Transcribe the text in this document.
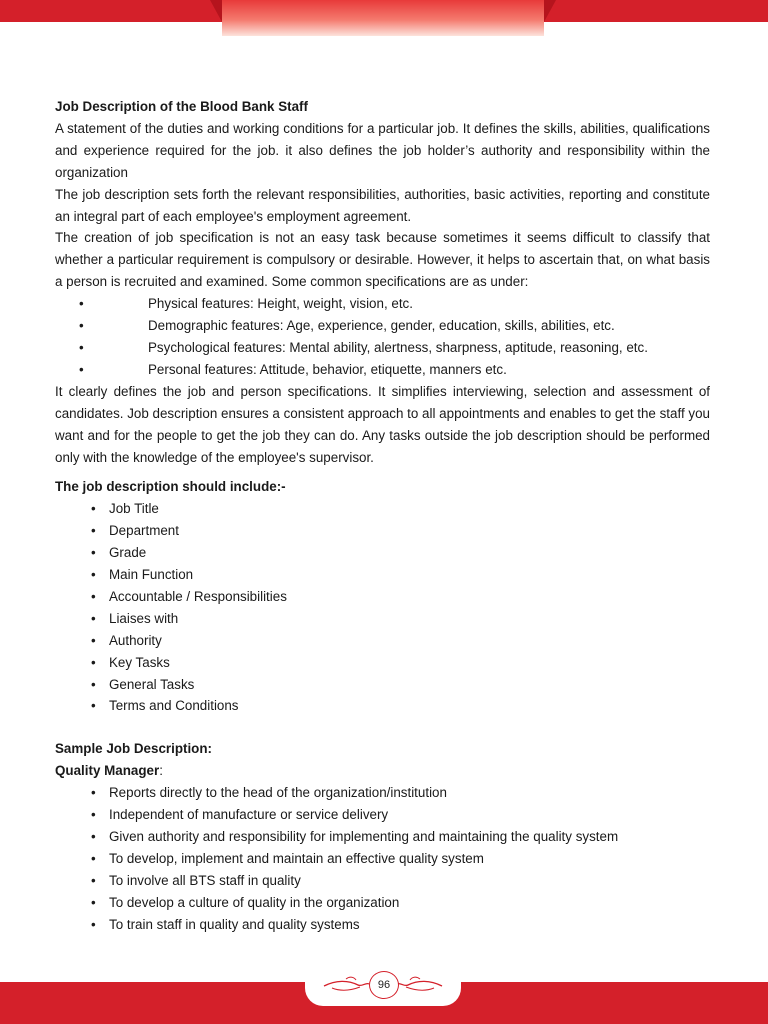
Job Description of the Blood Bank Staff

A statement of the duties and working conditions for a particular job. It defines the skills, abilities, qualifications and experience required for the job. it also defines the job holder’s authority and responsibility within the organization

The job description sets forth the relevant responsibilities, authorities, basic activities, reporting and constitute an integral part of each employee's employment agreement.

The creation of job specification is not an easy task because sometimes it seems difficult to classify that whether a particular requirement is compulsory or desirable. However, it helps to ascertain that, on what basis a person is recruited and examined. Some common specifications are as under:

•	Physical features: Height, weight, vision, etc.
•	Demographic features: Age, experience, gender, education, skills, abilities, etc.
•	Psychological features: Mental ability, alertness, sharpness, aptitude, reasoning, etc.
•	Personal features: Attitude, behavior, etiquette, manners etc.

It clearly defines the job and person specifications. It simplifies interviewing, selection and assessment of candidates. Job description ensures a consistent approach to all appointments and enables to get the staff you want and for the people to get the job they can do. Any tasks outside the job description should be performed only with the knowledge of the employee's supervisor.

The job description should include:-
• Job Title
• Department
• Grade
• Main Function
• Accountable / Responsibilities
• Liaises with
• Authority
• Key Tasks
• General Tasks
• Terms and Conditions
Sample Job Description:
Quality Manager:
• Reports directly to the head of the organization/institution
• Independent of manufacture or service delivery
• Given authority and responsibility for implementing and maintaining the quality system
• To develop, implement and maintain an effective quality system
• To involve all BTS staff in quality
• To develop a culture of quality in the organization
• To train staff in quality and quality systems
96
